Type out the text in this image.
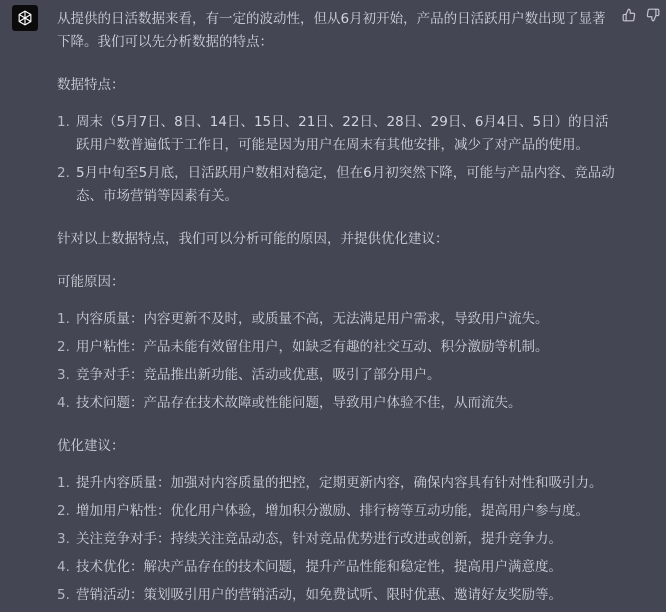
从提供的日活数据来看，有一定的波动性，但从6月初开始，产品的日活跃用户数出现了显著下降。我们可以先分析数据的特点：

数据特点：

1. 周末（5月7日、8日、14日、15日、21日、22日、28日、29日、6月4日、5日）的日活跃用户数普遍低于工作日，可能是因为用户在周末有其他安排，减少了对产品的使用。
2. 5月中旬至5月底，日活跃用户数相对稳定，但在6月初突然下降，可能与产品内容、竞品动态、市场营销等因素有关。

针对以上数据特点，我们可以分析可能的原因，并提供优化建议：

可能原因：

1. 内容质量：内容更新不及时，或质量不高，无法满足用户需求，导致用户流失。
2. 用户粘性：产品未能有效留住用户，如缺乏有趣的社交互动、积分激励等机制。
3. 竞争对手：竞品推出新功能、活动或优惠，吸引了部分用户。
4. 技术问题：产品存在技术故障或性能问题，导致用户体验不佳，从而流失。

优化建议：

1. 提升内容质量：加强对内容质量的把控，定期更新内容，确保内容具有针对性和吸引力。
2. 增加用户粘性：优化用户体验，增加积分激励、排行榜等互动功能，提高用户参与度。
3. 关注竞争对手：持续关注竞品动态，针对竞品优势进行改进或创新，提升竞争力。
4. 技术优化：解决产品存在的技术问题，提升产品性能和稳定性，提高用户满意度。
5. 营销活动：策划吸引用户的营销活动，如免费试听、限时优惠、邀请好友奖励等。
